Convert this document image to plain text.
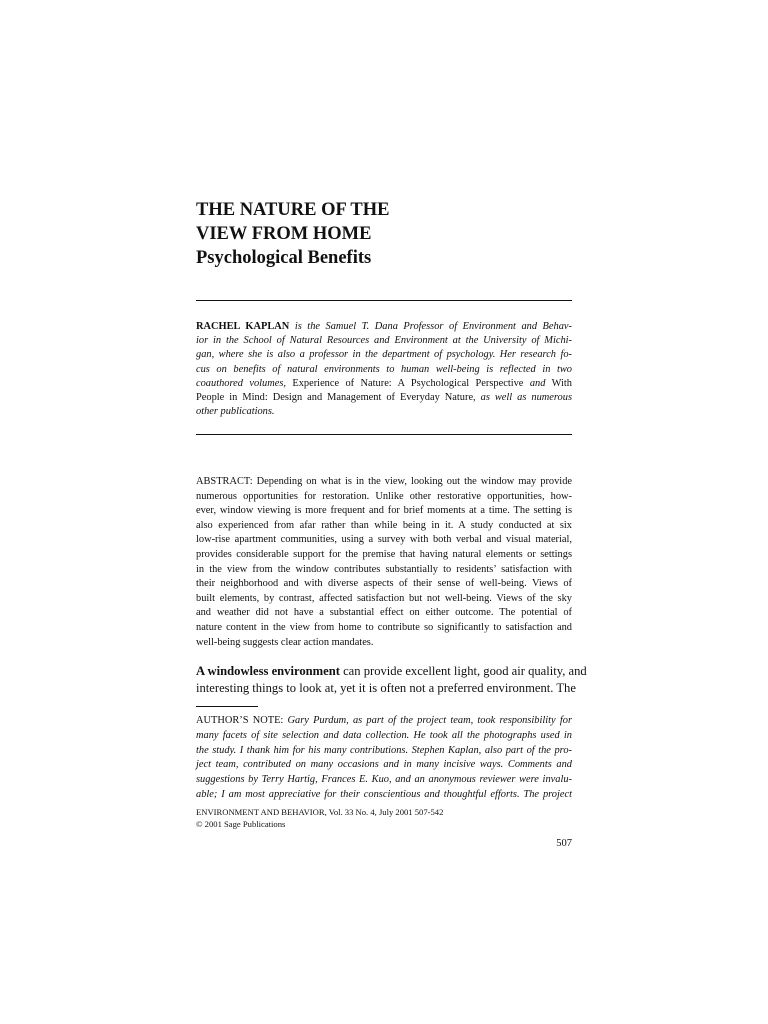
THE NATURE OF THE
VIEW FROM HOME
Psychological Benefits
RACHEL KAPLAN is the Samuel T. Dana Professor of Environment and Behav-
ior in the School of Natural Resources and Environment at the University of Michi-
gan, where she is also a professor in the department of psychology. Her research fo-
cus on benefits of natural environments to human well-being is reflected in two
coauthored volumes, Experience of Nature: A Psychological Perspective and With
People in Mind: Design and Management of Everyday Nature, as well as numerous
other publications.
ABSTRACT: Depending on what is in the view, looking out the window may provide
numerous opportunities for restoration. Unlike other restorative opportunities, how-
ever, window viewing is more frequent and for brief moments at a time. The setting is
also experienced from afar rather than while being in it. A study conducted at six
low-rise apartment communities, using a survey with both verbal and visual material,
provides considerable support for the premise that having natural elements or settings
in the view from the window contributes substantially to residents’ satisfaction with
their neighborhood and with diverse aspects of their sense of well-being. Views of
built elements, by contrast, affected satisfaction but not well-being. Views of the sky
and weather did not have a substantial effect on either outcome. The potential of
nature content in the view from home to contribute so significantly to satisfaction and
well-being suggests clear action mandates.
A windowless environment can provide excellent light, good air quality, and
interesting things to look at, yet it is often not a preferred environment. The
AUTHOR’S NOTE: Gary Purdum, as part of the project team, took responsibility for
many facets of site selection and data collection. He took all the photographs used in
the study. I thank him for his many contributions. Stephen Kaplan, also part of the pro-
ject team, contributed on many occasions and in many incisive ways. Comments and
suggestions by Terry Hartig, Frances E. Kuo, and an anonymous reviewer were invalu-
able; I am most appreciative for their conscientious and thoughtful efforts. The project
ENVIRONMENT AND BEHAVIOR, Vol. 33 No. 4, July 2001 507-542
© 2001 Sage Publications
507
